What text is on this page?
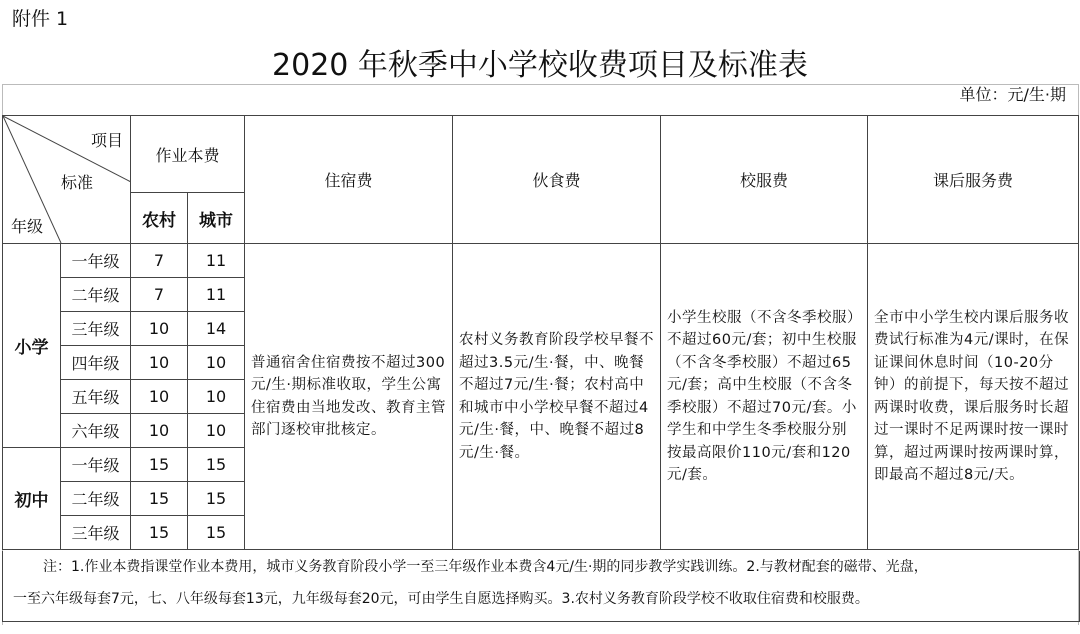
附件 1
2020 年秋季中小学校收费项目及标准表
单位：元/生·期
项目
标准
年级		作业本费		住宿费	伙食费	校服费	课后服务费
		农村	城市				
小学	一年级	7	11	普通宿舍住宿费按不超过300元/生·期标准收取，学生公寓住宿费由当地发改、教育主管部门逐校审批核定。	农村义务教育阶段学校早餐不超过3.5元/生·餐，中、晚餐不超过7元/生·餐；农村高中和城市中小学校早餐不超过4元/生·餐，中、晚餐不超过8元/生·餐。	小学生校服（不含冬季校服）不超过60元/套；初中生校服（不含冬季校服）不超过65元/套；高中生校服（不含冬季校服）不超过70元/套。小学生和中学生冬季校服分别按最高限价110元/套和120元/套。	全市中小学生校内课后服务收费试行标准为4元/课时，在保证课间休息时间（10-20分钟）的前提下，每天按不超过两课时收费，课后服务时长超过一课时不足两课时按一课时算，超过两课时按两课时算，即最高不超过8元/天。
	二年级	7	11				
	三年级	10	14				
	四年级	10	10				
	五年级	10	10				
	六年级	10	10				
初中	一年级	15	15				
	二年级	15	15				
	三年级	15	15				

注：1.作业本费指课堂作业本费用，城市义务教育阶段小学一至三年级作业本费含4元/生·期的同步教学实践训练。2.与教材配套的磁带、光盘，

一至六年级每套7元，七、八年级每套13元，九年级每套20元，可由学生自愿选择购买。3.农村义务教育阶段学校不收取住宿费和校服费。
